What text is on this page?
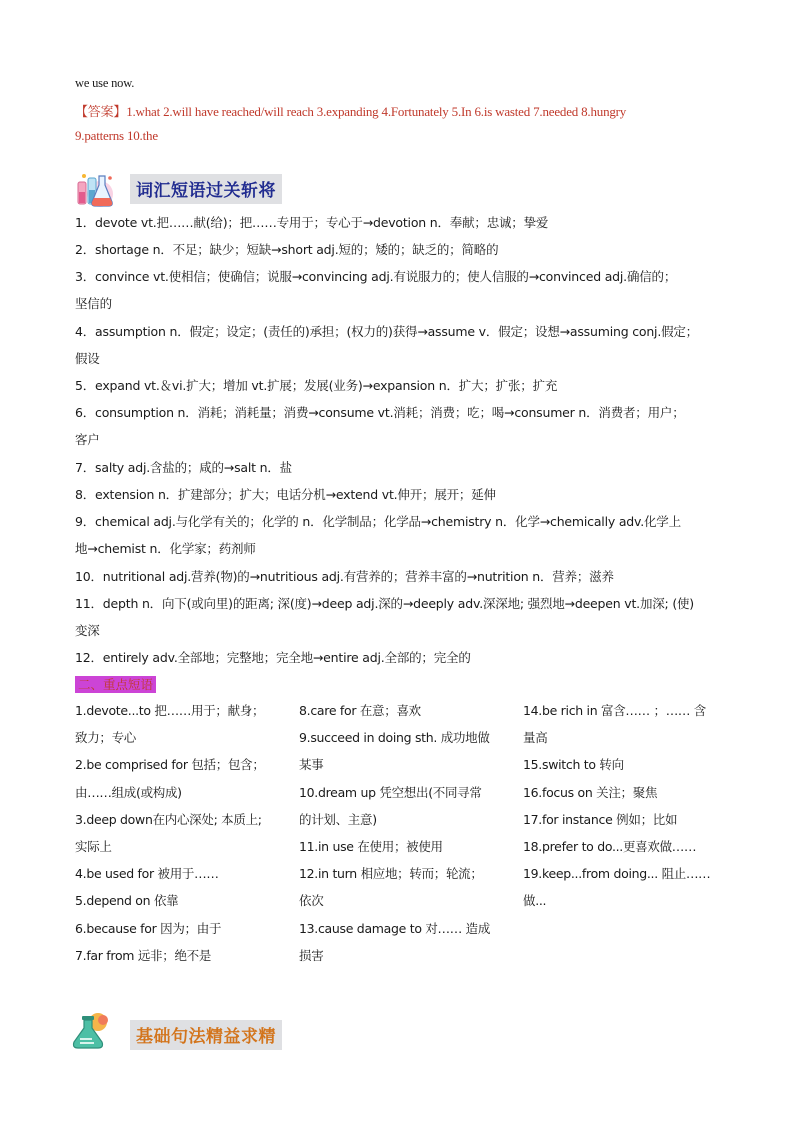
we use now.
【答案】1.what 2.will have reached/will reach 3.expanding 4.Fortunately 5.In 6.is wasted 7.needed 8.hungry
9.patterns 10.the
词汇短语过关斩将
1．devote vt.把……献(给)；把……专用于；专心于→devotion n．奉献；忠诚；挚爱
2．shortage n．不足；缺少；短缺→short adj.短的；矮的；缺乏的；简略的
3．convince vt.使相信；使确信；说服→convincing adj.有说服力的；使人信服的→convinced adj.确信的；
坚信的
4．assumption n．假定；设定；(责任的)承担；(权力的)获得→assume v．假定；设想→assuming conj.假定；
假设
5．expand vt.＆vi.扩大；增加 vt.扩展；发展(业务)→expansion n．扩大；扩张；扩充
6．consumption n．消耗；消耗量；消费→consume vt.消耗；消费；吃；喝→consumer n．消费者；用户；
客户
7．salty adj.含盐的；咸的→salt n．盐
8．extension n．扩建部分；扩大；电话分机→extend vt.伸开；展开；延伸
9．chemical adj.与化学有关的；化学的 n．化学制品；化学品→chemistry n．化学→chemically adv.化学上
地→chemist n．化学家；药剂师
10．nutritional adj.营养(物)的→nutritious adj.有营养的；营养丰富的→nutrition n．营养；滋养
11．depth n．向下(或向里)的距离; 深(度)→deep adj.深的→deeply adv.深深地; 强烈地→deepen vt.加深; (使)
变深
12．entirely adv.全部地；完整地；完全地→entire adj.全部的；完全的
二、重点短语
1.devote...to 把……用于；献身；
致力；专心
2.be comprised for 包括；包含；
由……组成(或构成)
3.deep down在内心深处; 本质上;
实际上
4.be used for 被用于……
5.depend on 依靠
6.because for 因为；由于
7.far from 远非；绝不是
8.care for 在意；喜欢
9.succeed in doing sth. 成功地做
某事
10.dream up 凭空想出(不同寻常
的计划、主意)
11.in use 在使用；被使用
12.in turn 相应地；转而；轮流；
依次
13.cause damage to 对…… 造成
损害
14.be rich in 富含…… ；…… 含
量高
15.switch to 转向
16.focus on 关注；聚焦
17.for instance 例如；比如
18.prefer to do...更喜欢做……
19.keep...from doing... 阻止……
做...
基础句法精益求精
